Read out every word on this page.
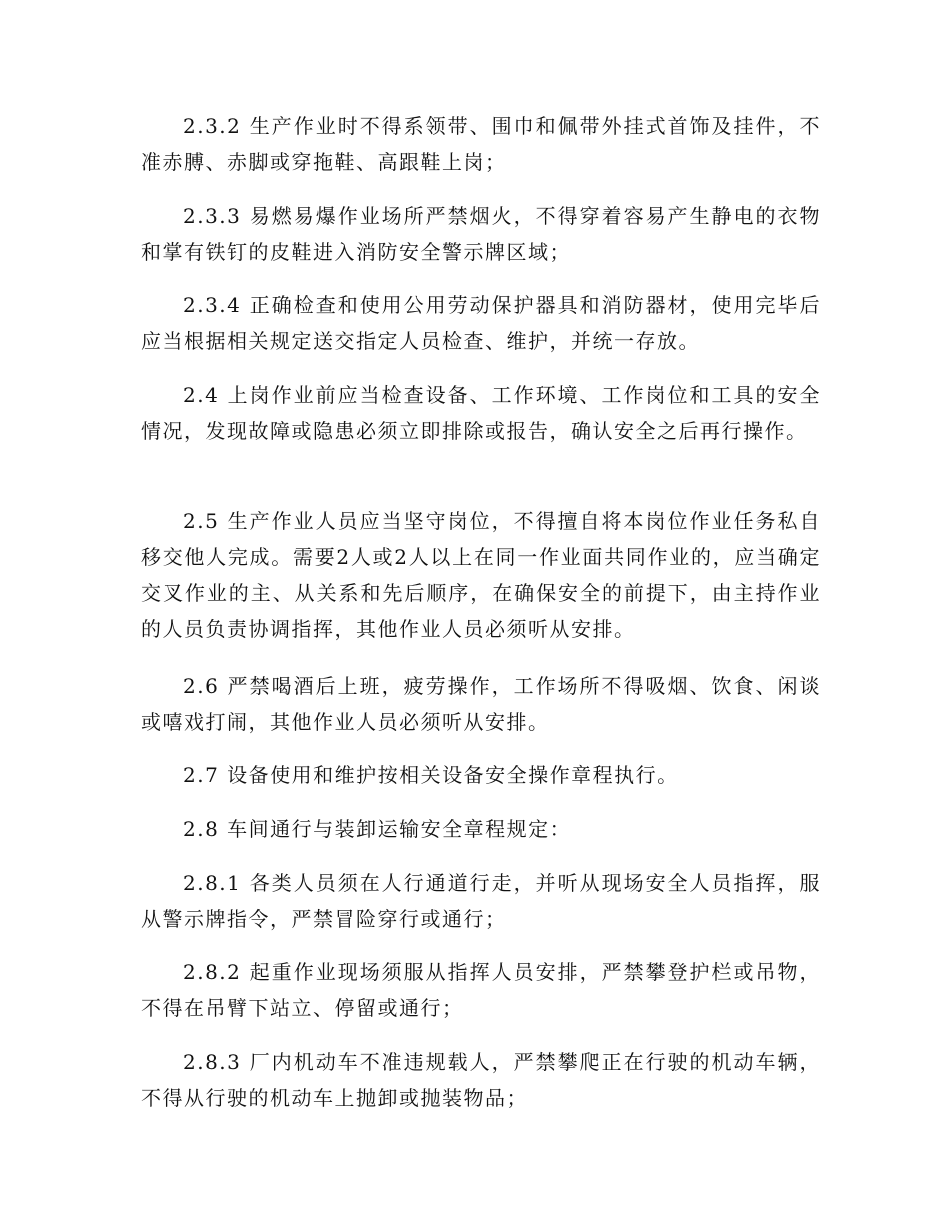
2.3.2 生产作业时不得系领带、围巾和佩带外挂式首饰及挂件，不准赤膊、赤脚或穿拖鞋、高跟鞋上岗；

2.3.3 易燃易爆作业场所严禁烟火，不得穿着容易产生静电的衣物和掌有铁钉的皮鞋进入消防安全警示牌区域；

2.3.4 正确检查和使用公用劳动保护器具和消防器材，使用完毕后应当根据相关规定送交指定人员检查、维护，并统一存放。

2.4 上岗作业前应当检查设备、工作环境、工作岗位和工具的安全情况，发现故障或隐患必须立即排除或报告，确认安全之后再行操作。

2.5 生产作业人员应当坚守岗位，不得擅自将本岗位作业任务私自移交他人完成。需要2人或2人以上在同一作业面共同作业的，应当确定交叉作业的主、从关系和先后顺序，在确保安全的前提下，由主持作业的人员负责协调指挥，其他作业人员必须听从安排。

2.6 严禁喝酒后上班，疲劳操作，工作场所不得吸烟、饮食、闲谈或嘻戏打闹，其他作业人员必须听从安排。

2.7 设备使用和维护按相关设备安全操作章程执行。

2.8 车间通行与装卸运输安全章程规定：

2.8.1 各类人员须在人行通道行走，并听从现场安全人员指挥，服从警示牌指令，严禁冒险穿行或通行；

2.8.2 起重作业现场须服从指挥人员安排，严禁攀登护栏或吊物，不得在吊臂下站立、停留或通行；

2.8.3 厂内机动车不准违规载人，严禁攀爬正在行驶的机动车辆，不得从行驶的机动车上抛卸或抛装物品；
